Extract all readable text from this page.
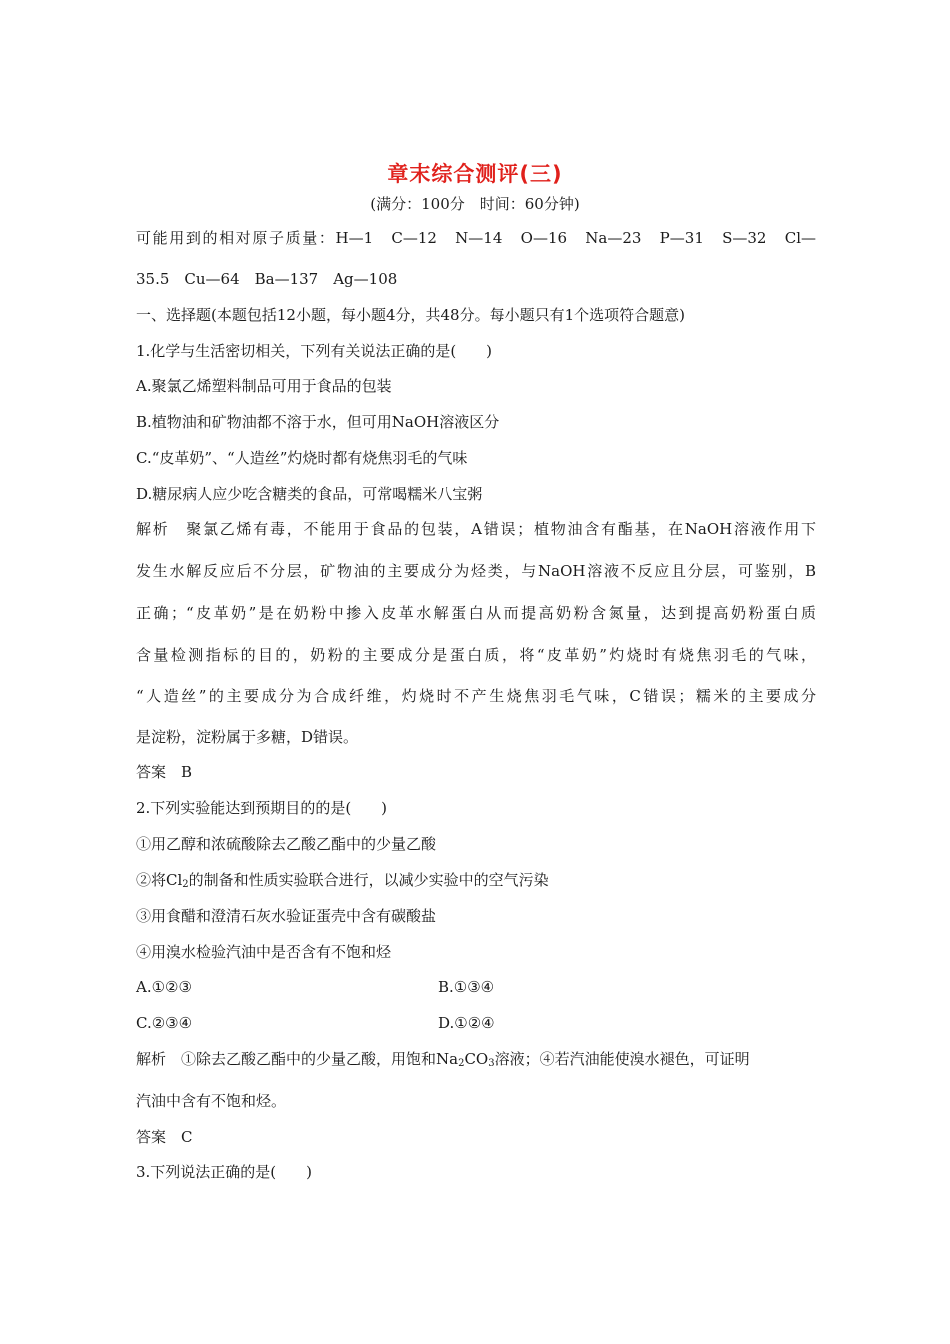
章末综合测评(三)
(满分：100分　时间：60分钟)
可能用到的相对原子质量：H—1　C—12　N—14　O—16　Na—23　P—31　S—32　Cl—
35.5　Cu—64　Ba—137　Ag—108
一、选择题(本题包括12小题，每小题4分，共48分。每小题只有1个选项符合题意)
1.化学与生活密切相关，下列有关说法正确的是(　　)
A.聚氯乙烯塑料制品可用于食品的包装
B.植物油和矿物油都不溶于水，但可用NaOH溶液区分
C.“皮革奶”、“人造丝”灼烧时都有烧焦羽毛的气味
D.糖尿病人应少吃含糖类的食品，可常喝糯米八宝粥
解析　聚氯乙烯有毒，不能用于食品的包装，A错误；植物油含有酯基，在NaOH溶液作用下
发生水解反应后不分层，矿物油的主要成分为烃类，与NaOH溶液不反应且分层，可鉴别，B
正确；“皮革奶”是在奶粉中掺入皮革水解蛋白从而提高奶粉含氮量，达到提高奶粉蛋白质
含量检测指标的目的，奶粉的主要成分是蛋白质，将“皮革奶”灼烧时有烧焦羽毛的气味，
“人造丝”的主要成分为合成纤维，灼烧时不产生烧焦羽毛气味，C错误；糯米的主要成分
是淀粉，淀粉属于多糖，D错误。
答案　B
2.下列实验能达到预期目的的是(　　)
①用乙醇和浓硫酸除去乙酸乙酯中的少量乙酸
②将$Cl_2$的制备和性质实验联合进行，以减少实验中的空气污染
③用食醋和澄清石灰水验证蛋壳中含有碳酸盐
④用溴水检验汽油中是否含有不饱和烃
A.①②③	B.①③④
C.②③④	D.①②④
解析　①除去乙酸乙酯中的少量乙酸，用饱和$Na_2CO_3$溶液；④若汽油能使溴水褪色，可证明
汽油中含有不饱和烃。
答案　C
3.下列说法正确的是(　　)
